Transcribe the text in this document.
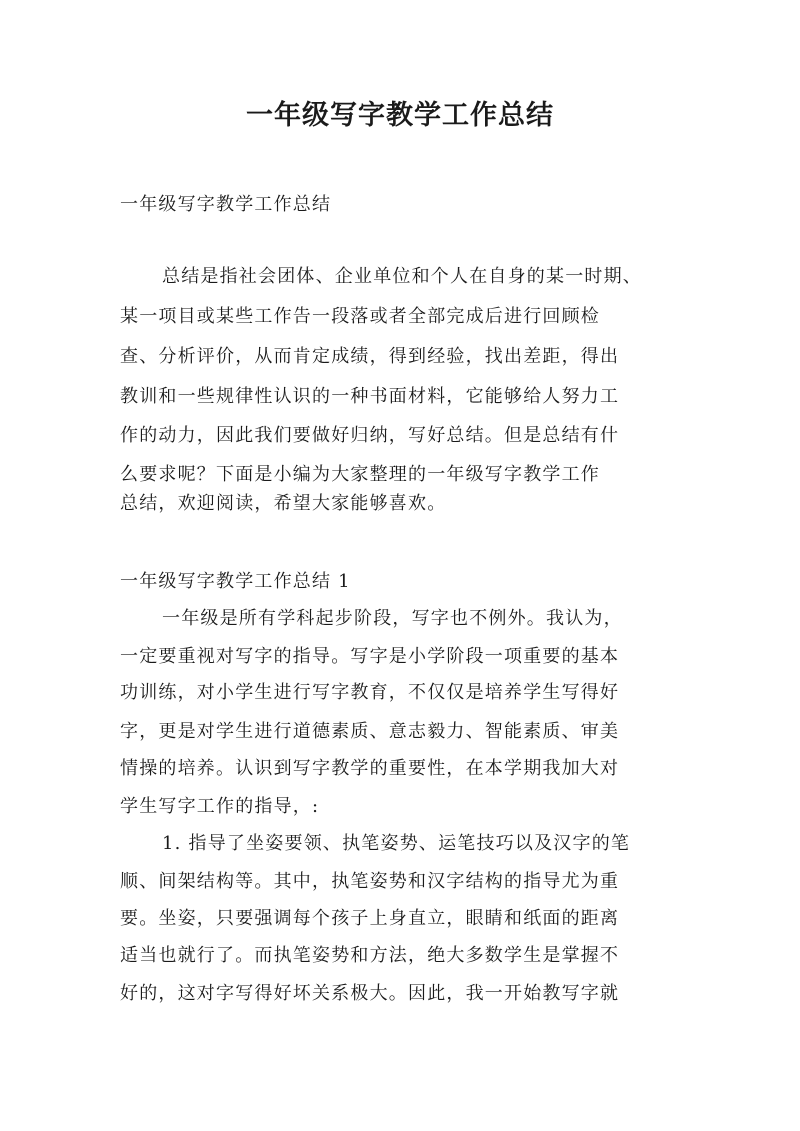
一年级写字教学工作总结

一年级写字教学工作总结

总结是指社会团体、企业单位和个人在自身的某一时期、

某一项目或某些工作告一段落或者全部完成后进行回顾检

查、分析评价，从而肯定成绩，得到经验，找出差距，得出

教训和一些规律性认识的一种书面材料，它能够给人努力工

作的动力，因此我们要做好归纳，写好总结。但是总结有什

么要求呢？下面是小编为大家整理的一年级写字教学工作

总结，欢迎阅读，希望大家能够喜欢。

一年级写字教学工作总结 1

一年级是所有学科起步阶段，写字也不例外。我认为，

一定要重视对写字的指导。写字是小学阶段一项重要的基本

功训练，对小学生进行写字教育，不仅仅是培养学生写得好

字，更是对学生进行道德素质、意志毅力、智能素质、审美

情操的培养。认识到写字教学的重要性，在本学期我加大对

学生写字工作的指导，:

1. 指导了坐姿要领、执笔姿势、运笔技巧以及汉字的笔

顺、间架结构等。其中，执笔姿势和汉字结构的指导尤为重

要。坐姿，只要强调每个孩子上身直立，眼睛和纸面的距离

适当也就行了。而执笔姿势和方法，绝大多数学生是掌握不

好的，这对字写得好坏关系极大。因此，我一开始教写字就
